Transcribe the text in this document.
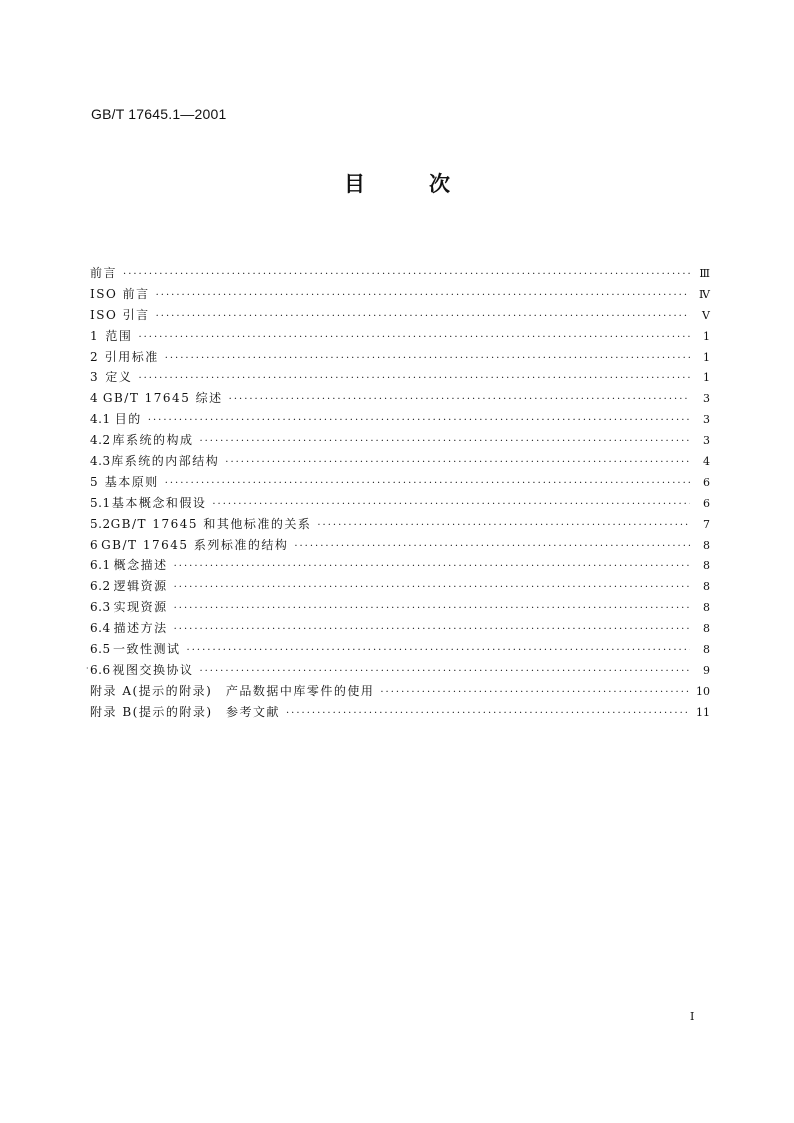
GB/T 17645.1—2001
目	次
前言 ·····	Ⅲ
ISO 前言 ·····	Ⅳ
ISO 引言 ·····	Ⅴ
1 范围 ·····	1
2 引用标准 ·····	1
3 定义 ·····	1
4 GB/T 17645 综述 ·····	3
4.1 目的 ·····	3
4.2 库系统的构成 ·····	3
4.3 库系统的内部结构 ·····	4
5 基本原则 ·····	6
5.1 基本概念和假设 ·····	6
5.2 GB/T 17645 和其他标准的关系 ·····	7
6 GB/T 17645 系列标准的结构 ·····	8
6.1 概念描述 ·····	8
6.2 逻辑资源 ·····	8
6.3 实现资源 ·····	8
6.4 描述方法 ·····	8
6.5 一致性测试 ·····	8
6.6 视图交换协议 ·····	9
附录 A(提示的附录)　产品数据中库零件的使用 ·····	10
附录 B(提示的附录)　参考文献 ·····	11
·
I
